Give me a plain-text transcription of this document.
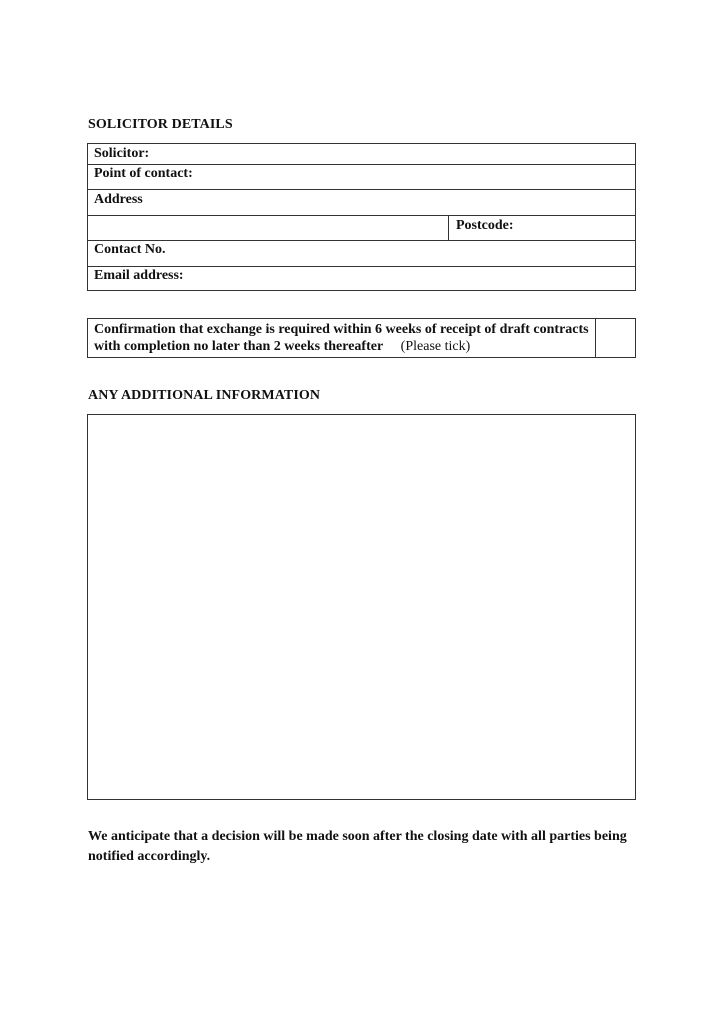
SOLICITOR DETAILS
Solicitor:
Point of contact:
Address
Postcode:
Contact No.
Email address:
Confirmation that exchange is required within 6 weeks of receipt of draft contracts with completion no later than 2 weeks thereafter (Please tick)
ANY ADDITIONAL INFORMATION
We anticipate that a decision will be made soon after the closing date with all parties being notified accordingly.
